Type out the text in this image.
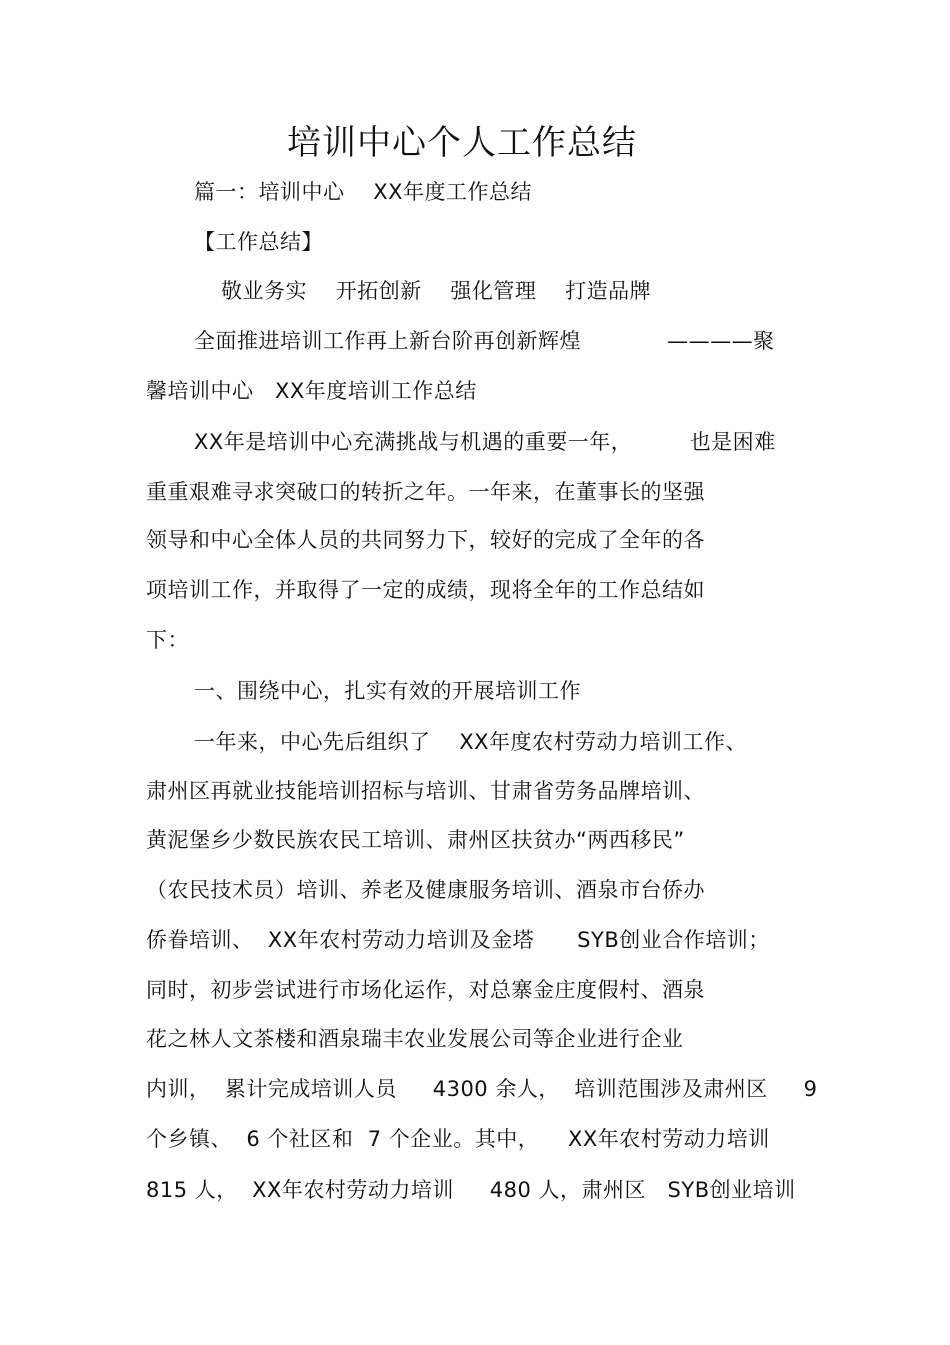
培训中心个人工作总结
篇一：培训中心    XX年度工作总结
【工作总结】
敬业务实    开拓创新    强化管理    打造品牌
全面推进培训工作再上新台阶再创新辉煌            ————聚
馨培训中心   XX年度培训工作总结
XX年是培训中心充满挑战与机遇的重要一年，        也是困难
重重艰难寻求突破口的转折之年。一年来，在董事长的坚强
领导和中心全体人员的共同努力下，较好的完成了全年的各
项培训工作，并取得了一定的成绩，现将全年的工作总结如
下：
一、围绕中心，扎实有效的开展培训工作
一年来，中心先后组织了    XX年度农村劳动力培训工作、
肃州区再就业技能培训招标与培训、甘肃省劳务品牌培训、
黄泥堡乡少数民族农民工培训、肃州区扶贫办“两西移民”
（农民技术员）培训、养老及健康服务培训、酒泉市台侨办
侨眷培训、  XX年农村劳动力培训及金塔      SYB创业合作培训；
同时，初步尝试进行市场化运作，对总寨金庄度假村、酒泉
花之林人文茶楼和酒泉瑞丰农业发展公司等企业进行企业
内训，  累计完成培训人员     4300 余人，  培训范围涉及肃州区     9
个乡镇、  6 个社区和  7 个企业。其中，    XX年农村劳动力培训
815 人，  XX年农村劳动力培训     480 人，肃州区   SYB创业培训
